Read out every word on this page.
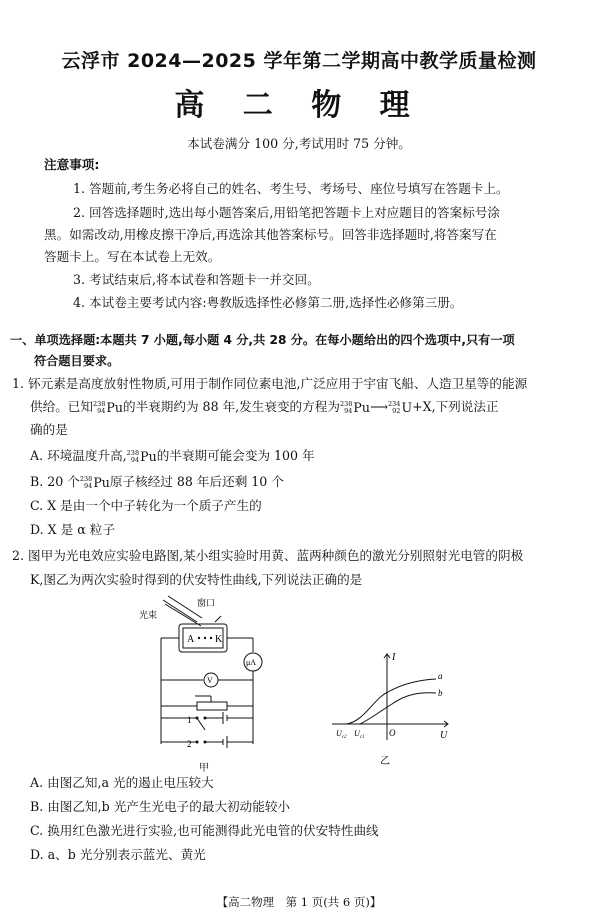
云浮市 2024—2025 学年第二学期高中教学质量检测
高 二 物 理
本试卷满分 100 分,考试用时 75 分钟。
注意事项:
1. 答题前,考生务必将自己的姓名、考生号、考场号、座位号填写在答题卡上。
2. 回答选择题时,选出每小题答案后,用铅笔把答题卡上对应题目的答案标号涂
黑。如需改动,用橡皮擦干净后,再选涂其他答案标号。回答非选择题时,将答案写在
答题卡上。写在本试卷上无效。
3. 考试结束后,将本试卷和答题卡一并交回。
4. 本试卷主要考试内容:粤教版选择性必修第二册,选择性必修第三册。
一、单项选择题:本题共 7 小题,每小题 4 分,共 28 分。在每小题给出的四个选项中,只有一项
符合题目要求。
1. 钚元素是高度放射性物质,可用于制作同位素电池,广泛应用于宇宙飞船、人造卫星等的能源
供给。已知 238
94 Pu的半衰期约为 88 年,发生衰变的方程为 238
94 Pu⟶ 234
92 U+X,下列说法正
确的是
A. 环境温度升高, 238
94 Pu的半衰期可能会变为 100 年
B. 20 个 238
94 Pu原子核经过 88 年后还剩 10 个
C. X 是由一个中子转化为一个质子产生的
D. X 是 α 粒子
2. 图甲为光电效应实验电路图,某小组实验时用黄、蓝两种颜色的激光分别照射光电管的阴极
K,图乙为两次实验时得到的伏安特性曲线,下列说法正确的是
光束
窗口
A K
μA
V
1
2
甲
I
U
O
a
b
$U_{c2}$ $U_{c1}$
乙
A. 由图乙知,a 光的遏止电压较大
B. 由图乙知,b 光产生光电子的最大初动能较小
C. 换用红色激光进行实验,也可能测得此光电管的伏安特性曲线
D. a、b 光分别表示蓝光、黄光
【高二物理　第 1 页(共 6 页)】
